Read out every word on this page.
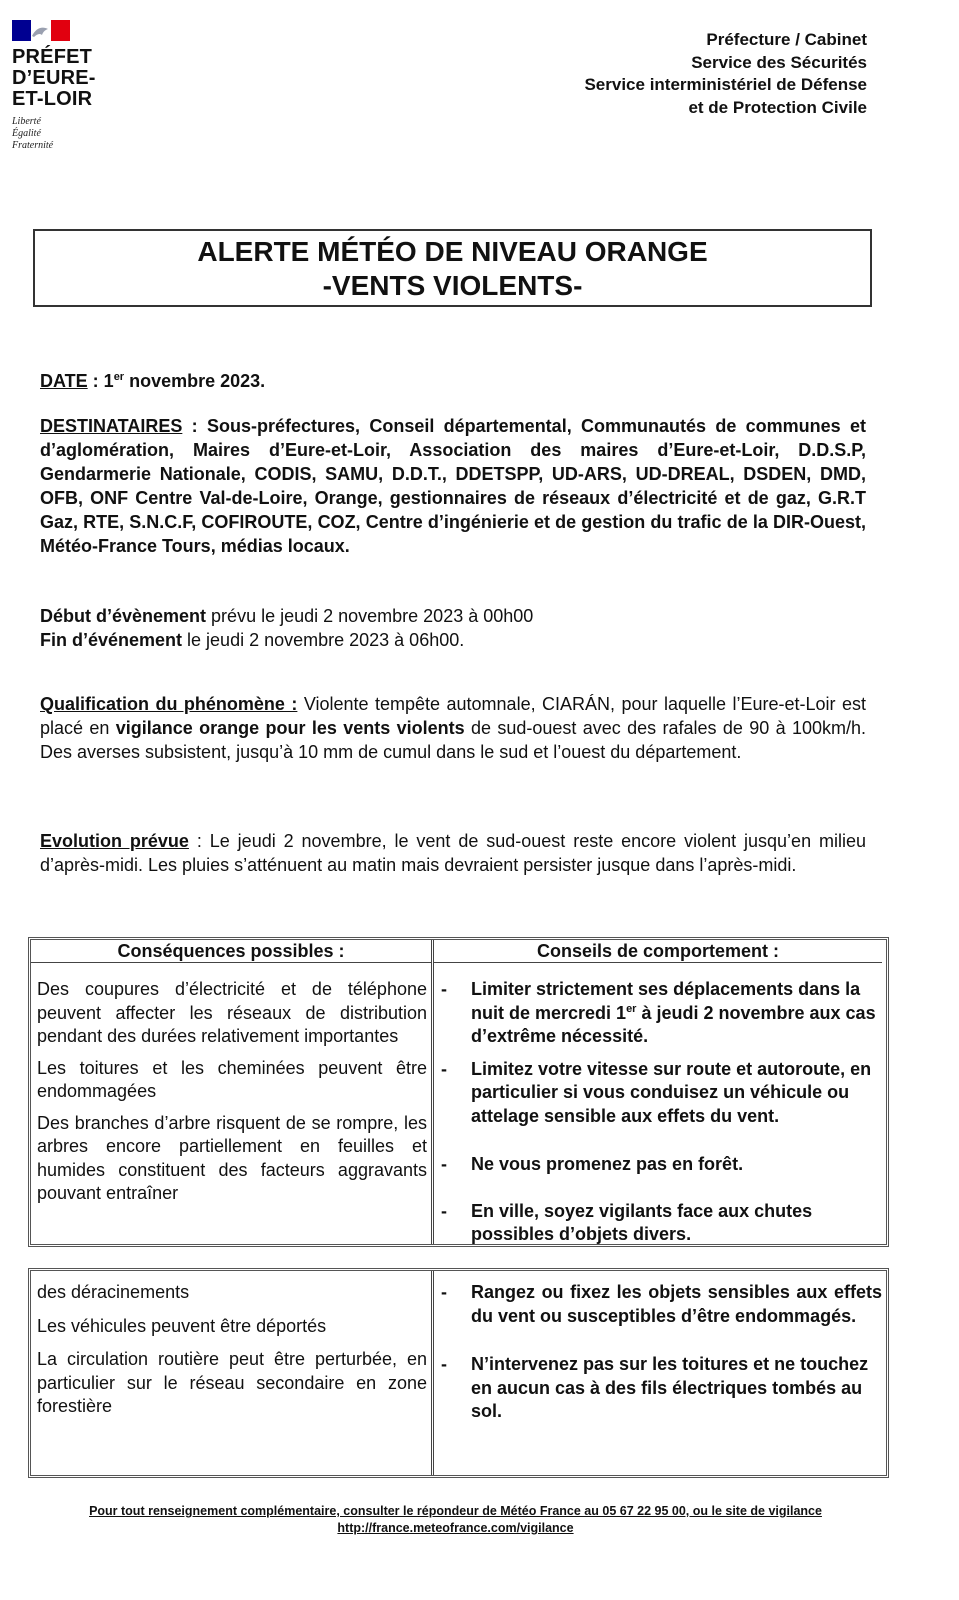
PRÉFET
D’EURE-
ET-LOIR
Liberté
Égalité
Fraternité
Préfecture / Cabinet
Service des Sécurités
Service interministériel de Défense
et de Protection Civile
ALERTE MÉTÉO DE NIVEAU ORANGE
-VENTS VIOLENTS-
DATE : 1er novembre 2023.
DESTINATAIRES : Sous-préfectures, Conseil départemental, Communautés de communes et d’aglomération, Maires d’Eure-et-Loir, Association des maires d’Eure-et-Loir, D.D.S.P, Gendarmerie Nationale, CODIS, SAMU, D.D.T., DDETSPP, UD-ARS, UD-DREAL, DSDEN, DMD, OFB, ONF Centre Val-de-Loire, Orange, gestionnaires de réseaux d’électricité et de gaz, G.R.T Gaz, RTE, S.N.C.F, COFIROUTE, COZ, Centre d’ingénierie et de gestion du trafic de la DIR-Ouest, Météo-France Tours, médias locaux.
Début d’évènement prévu le jeudi 2 novembre 2023 à 00h00
Fin d’événement le jeudi 2 novembre 2023 à 06h00.
Qualification du phénomène : Violente tempête automnale, CIARÁN, pour laquelle l’Eure-et-Loir est placé en vigilance orange pour les vents violents de sud-ouest avec des rafales de 90 à 100km/h. Des averses subsistent, jusqu’à 10 mm de cumul dans le sud et l’ouest du département.
Evolution prévue : Le jeudi 2 novembre, le vent de sud-ouest reste encore violent jusqu’en milieu d’après-midi. Les pluies s’atténuent au matin mais devraient persister jusque dans l’après-midi.
Conséquences possibles :

Des coupures d’électricité et de téléphone peuvent affecter les réseaux de distribution pendant des durées relativement importantes

Les toitures et les cheminées peuvent être endommagées

Des branches d’arbre risquent de se rompre, les arbres encore partiellement en feuilles et humides constituent des facteurs aggravants pouvant entraîner

Conseils de comportement :

- Limiter strictement ses déplacements dans la nuit de mercredi 1er à jeudi 2 novembre aux cas d’extrême nécessité.

- Limitez votre vitesse sur route et autoroute, en particulier si vous conduisez un véhicule ou attelage sensible aux effets du vent.

- Ne vous promenez pas en forêt.

- En ville, soyez vigilants face aux chutes possibles d’objets divers.

des déracinements

Les véhicules peuvent être déportés

La circulation routière peut être perturbée, en particulier sur le réseau secondaire en zone forestière

- Rangez ou fixez les objets sensibles aux effets du vent ou susceptibles d’être endommagés.

- N’intervenez pas sur les toitures et ne touchez en aucun cas à des fils électriques tombés au sol.

Pour tout renseignement complémentaire, consulter le répondeur de Météo France au 05 67 22 95 00, ou le site de vigilance
http://france.meteofrance.com/vigilance
